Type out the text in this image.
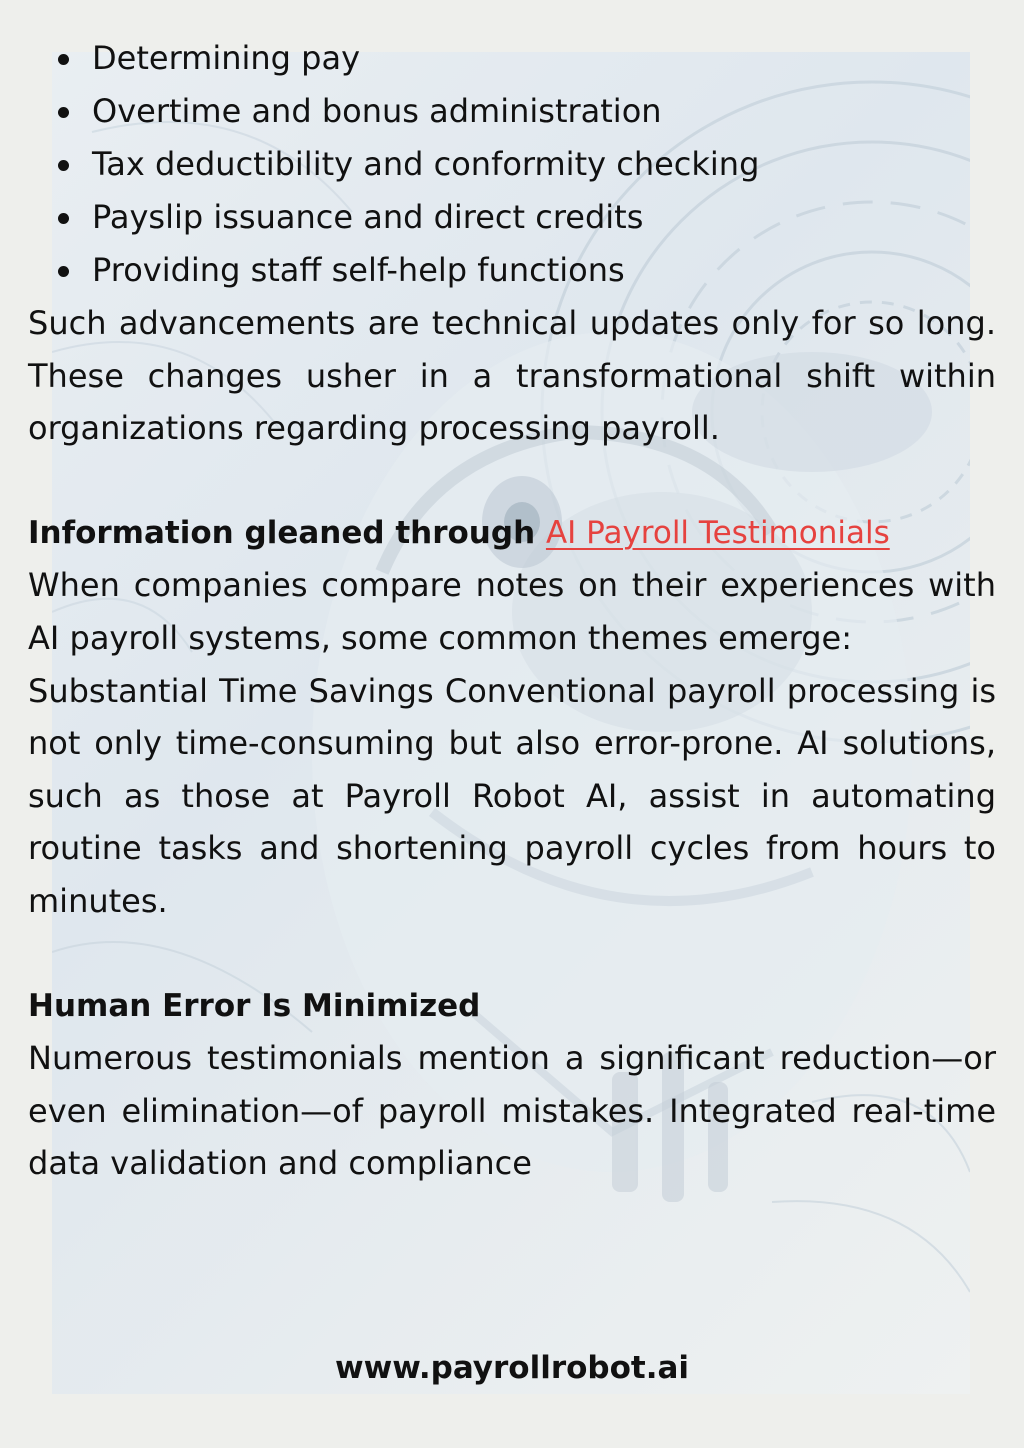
Determining pay
Overtime and bonus administration
Tax deductibility and conformity checking
Payslip issuance and direct credits
Providing staff self-help functions

Such advancements are technical updates only for so long. These changes usher in a transformational shift within organizations regarding processing payroll.

Information gleaned through AI Payroll Testimonials

When companies compare notes on their experiences with AI payroll systems, some common themes emerge:

Substantial Time Savings Conventional payroll processing is not only time-consuming but also error-prone. AI solutions, such as those at Payroll Robot AI, assist in automating routine tasks and shortening payroll cycles from hours to minutes.

Human Error Is Minimized

Numerous testimonials mention a significant reduction—or even elimination—of payroll mistakes. Integrated real-time data validation and compliance

www.payrollrobot.ai
